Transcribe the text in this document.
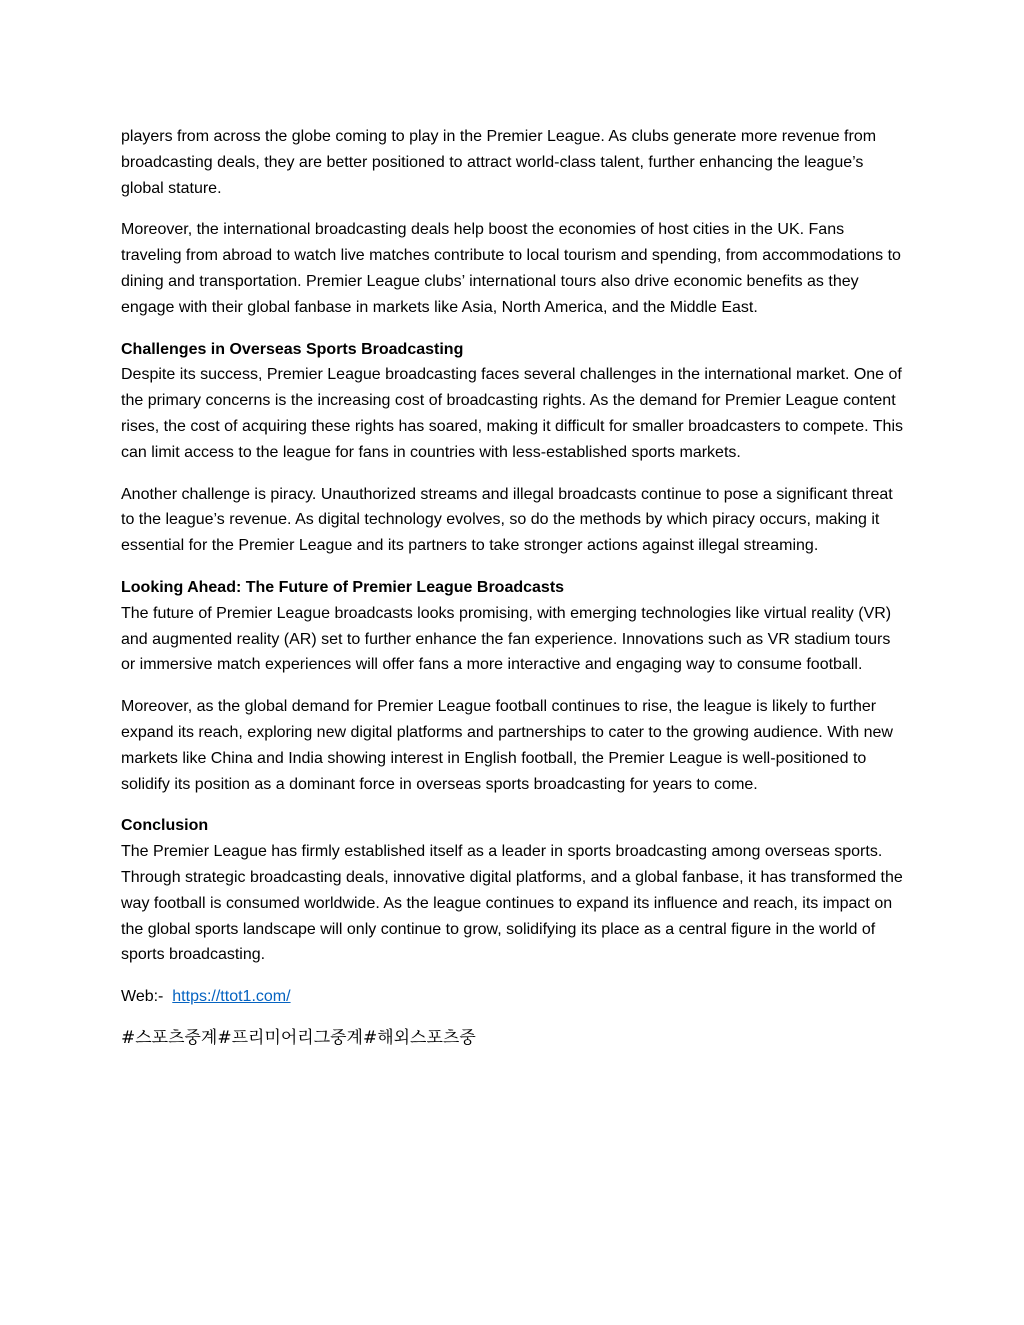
players from across the globe coming to play in the Premier League. As clubs generate more revenue from broadcasting deals, they are better positioned to attract world-class talent, further enhancing the league’s global stature.

Moreover, the international broadcasting deals help boost the economies of host cities in the UK. Fans traveling from abroad to watch live matches contribute to local tourism and spending, from accommodations to dining and transportation. Premier League clubs’ international tours also drive economic benefits as they engage with their global fanbase in markets like Asia, North America, and the Middle East.

Challenges in Overseas Sports Broadcasting
Despite its success, Premier League broadcasting faces several challenges in the international market. One of the primary concerns is the increasing cost of broadcasting rights. As the demand for Premier League content rises, the cost of acquiring these rights has soared, making it difficult for smaller broadcasters to compete. This can limit access to the league for fans in countries with less-established sports markets.

Another challenge is piracy. Unauthorized streams and illegal broadcasts continue to pose a significant threat to the league’s revenue. As digital technology evolves, so do the methods by which piracy occurs, making it essential for the Premier League and its partners to take stronger actions against illegal streaming.

Looking Ahead: The Future of Premier League Broadcasts
The future of Premier League broadcasts looks promising, with emerging technologies like virtual reality (VR) and augmented reality (AR) set to further enhance the fan experience. Innovations such as VR stadium tours or immersive match experiences will offer fans a more interactive and engaging way to consume football.

Moreover, as the global demand for Premier League football continues to rise, the league is likely to further expand its reach, exploring new digital platforms and partnerships to cater to the growing audience. With new markets like China and India showing interest in English football, the Premier League is well-positioned to solidify its position as a dominant force in overseas sports broadcasting for years to come.

Conclusion
The Premier League has firmly established itself as a leader in sports broadcasting among overseas sports. Through strategic broadcasting deals, innovative digital platforms, and a global fanbase, it has transformed the way football is consumed worldwide. As the league continues to expand its influence and reach, its impact on the global sports landscape will only continue to grow, solidifying its place as a central figure in the world of sports broadcasting.

Web:- https://ttot1.com/

#스포츠중계#프리미어리그중계#해외스포츠중
